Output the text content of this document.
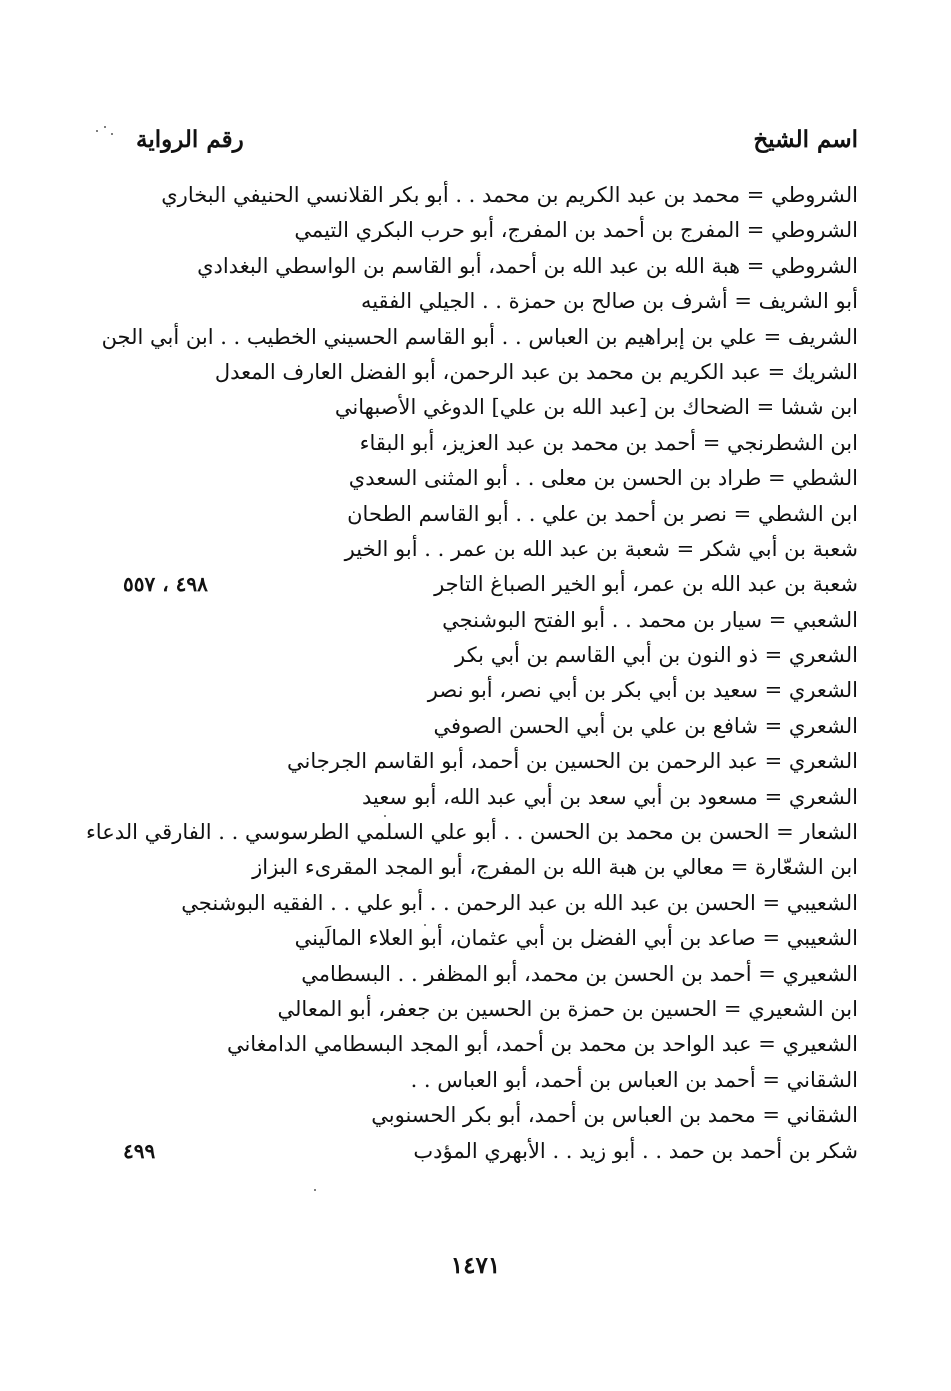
اسم الشيخ
رقم الرواية
الشروطي = محمد بن عبد الكريم بن محمد . . أبو بكر القلانسي الحنيفي البخاري
الشروطي = المفرج بن أحمد بن المفرج، أبو حرب البكري التيمي
الشروطي = هبة الله بن عبد الله بن أحمد، أبو القاسم بن الواسطي البغدادي
أبو الشريف = أشرف بن صالح بن حمزة . . الجيلي الفقيه
الشريف = علي بن إبراهيم بن العباس . . أبو القاسم الحسيني الخطيب . . ابن أبي الجن
الشريك = عبد الكريم بن محمد بن عبد الرحمن، أبو الفضل العارف المعدل
ابن ششا = الضحاك بن [عبد الله بن علي] الدوغي الأصبهاني
ابن الشطرنجي = أحمد بن محمد بن عبد العزيز، أبو البقاء
الشطي = طراد بن الحسن بن معلى . . أبو المثنى السعدي
ابن الشطي = نصر بن أحمد بن علي . . أبو القاسم الطحان
شعبة بن أبي شكر = شعبة بن عبد الله بن عمر . . أبو الخير
شعبة بن عبد الله بن عمر، أبو الخير الصباغ التاجر
٤٩٨ ، ٥٥٧
الشعبي = سيار بن محمد . . أبو الفتح البوشنجي
الشعري = ذو النون بن أبي القاسم بن أبي بكر
الشعري = سعيد بن أبي بكر بن أبي نصر، أبو نصر
الشعري = شافع بن علي بن أبي الحسن الصوفي
الشعري = عبد الرحمن بن الحسين بن أحمد، أبو القاسم الجرجاني
الشعري = مسعود بن أبي سعد بن أبي عبد الله، أبو سعيد
الشعار = الحسن بن محمد بن الحسن . . أبو علي السلمي الطرسوسي . . الفارقي الدعاء
ابن الشعّارة = معالي بن هبة الله بن المفرج، أبو المجد المقرىء البزاز
الشعيبي = الحسن بن عبد الله بن عبد الرحمن . . أبو علي . . الفقيه البوشنجي
الشعيبي = صاعد بن أبي الفضل بن أبي عثمان، أبو العلاء المالَيني
الشعيري = أحمد بن الحسن بن محمد، أبو المظفر . . البسطامي
ابن الشعيري = الحسين بن حمزة بن الحسين بن جعفر، أبو المعالي
الشعيري = عبد الواحد بن محمد بن أحمد، أبو المجد البسطامي الدامغاني
الشقاني = أحمد بن العباس بن أحمد، أبو العباس . .
الشقاني = محمد بن العباس بن أحمد، أبو بكر الحسنوبي
شكر بن أحمد بن حمد . . أبو زيد . . الأبهري المؤدب
٤٩٩
١٤٧١
